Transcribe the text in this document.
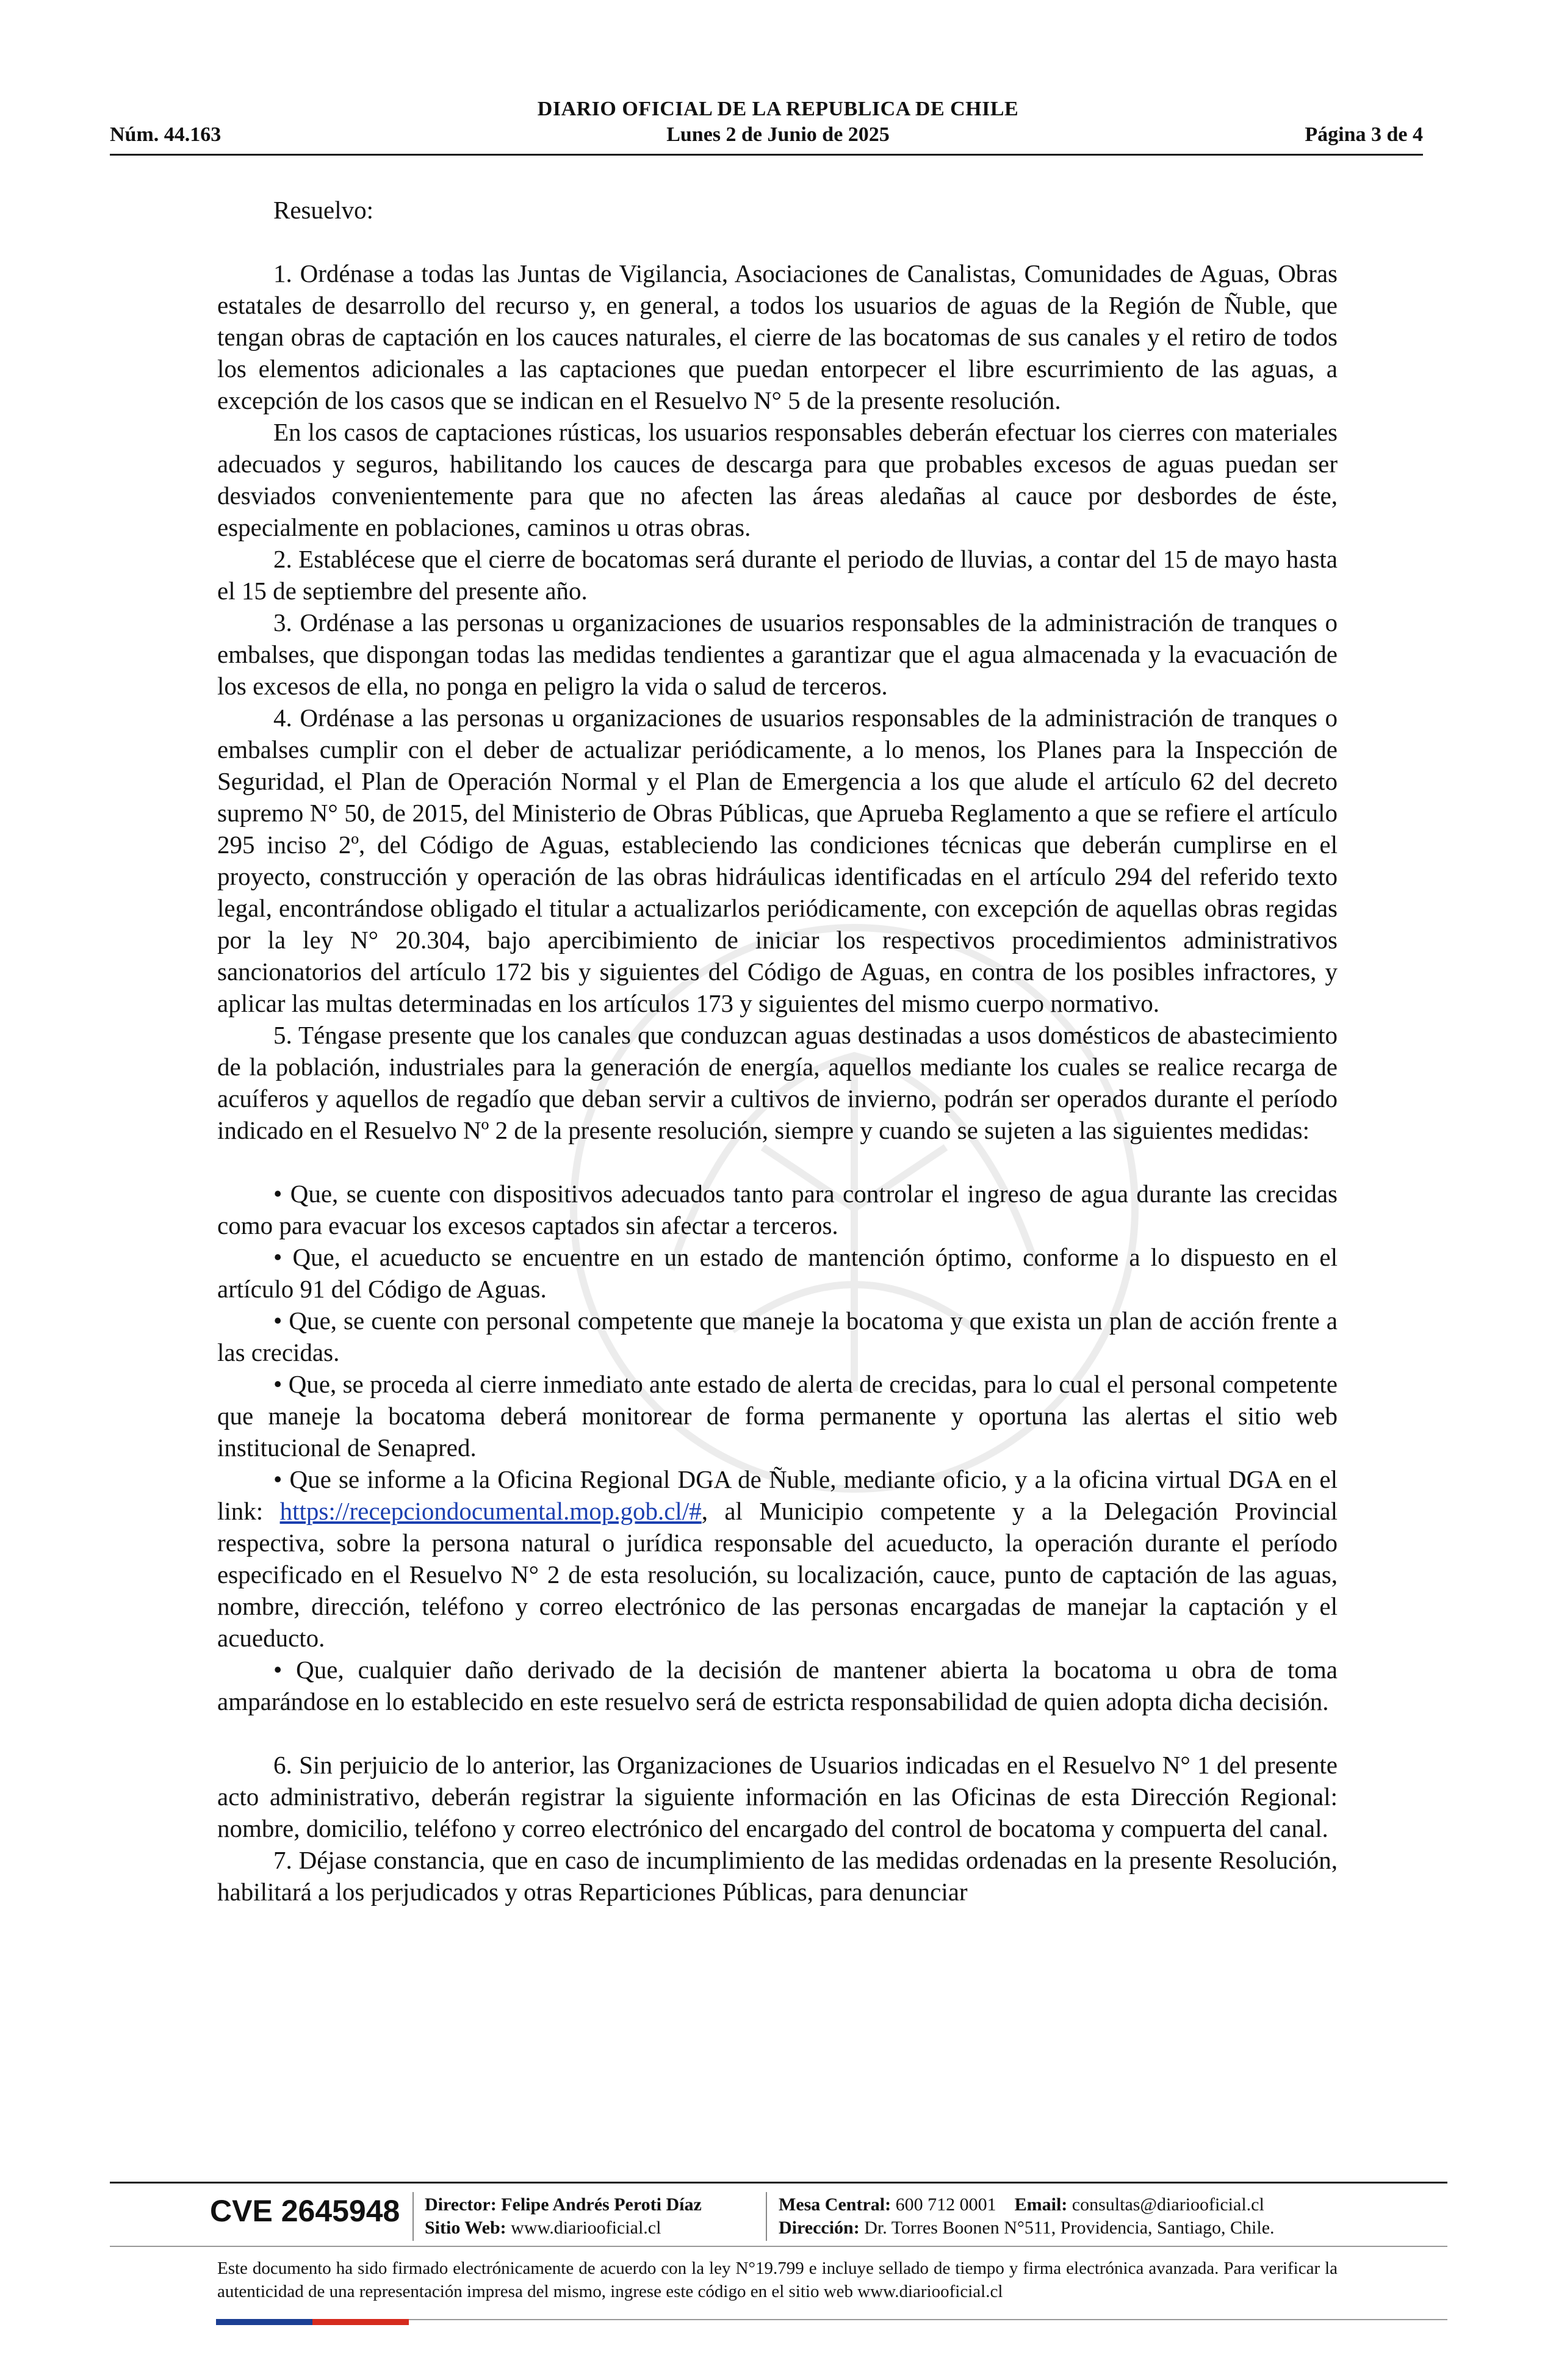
DIARIO OFICIAL DE LA REPUBLICA DE CHILE
Núm. 44.163	Lunes 2 de Junio de 2025	Página 3 de 4

Resuelvo:

1. Ordénase a todas las Juntas de Vigilancia, Asociaciones de Canalistas, Comunidades de Aguas, Obras estatales de desarrollo del recurso y, en general, a todos los usuarios de aguas de la Región de Ñuble, que tengan obras de captación en los cauces naturales, el cierre de las bocatomas de sus canales y el retiro de todos los elementos adicionales a las captaciones que puedan entorpecer el libre escurrimiento de las aguas, a excepción de los casos que se indican en el Resuelvo N° 5 de la presente resolución.

En los casos de captaciones rústicas, los usuarios responsables deberán efectuar los cierres con materiales adecuados y seguros, habilitando los cauces de descarga para que probables excesos de aguas puedan ser desviados convenientemente para que no afecten las áreas aledañas al cauce por desbordes de éste, especialmente en poblaciones, caminos u otras obras.

2. Establécese que el cierre de bocatomas será durante el periodo de lluvias, a contar del 15 de mayo hasta el 15 de septiembre del presente año.

3. Ordénase a las personas u organizaciones de usuarios responsables de la administración de tranques o embalses, que dispongan todas las medidas tendientes a garantizar que el agua almacenada y la evacuación de los excesos de ella, no ponga en peligro la vida o salud de terceros.

4. Ordénase a las personas u organizaciones de usuarios responsables de la administración de tranques o embalses cumplir con el deber de actualizar periódicamente, a lo menos, los Planes para la Inspección de Seguridad, el Plan de Operación Normal y el Plan de Emergencia a los que alude el artículo 62 del decreto supremo N° 50, de 2015, del Ministerio de Obras Públicas, que Aprueba Reglamento a que se refiere el artículo 295 inciso 2º, del Código de Aguas, estableciendo las condiciones técnicas que deberán cumplirse en el proyecto, construcción y operación de las obras hidráulicas identificadas en el artículo 294 del referido texto legal, encontrándose obligado el titular a actualizarlos periódicamente, con excepción de aquellas obras regidas por la ley N° 20.304, bajo apercibimiento de iniciar los respectivos procedimientos administrativos sancionatorios del artículo 172 bis y siguientes del Código de Aguas, en contra de los posibles infractores, y aplicar las multas determinadas en los artículos 173 y siguientes del mismo cuerpo normativo.

5. Téngase presente que los canales que conduzcan aguas destinadas a usos domésticos de abastecimiento de la población, industriales para la generación de energía, aquellos mediante los cuales se realice recarga de acuíferos y aquellos de regadío que deban servir a cultivos de invierno, podrán ser operados durante el período indicado en el Resuelvo Nº 2 de la presente resolución, siempre y cuando se sujeten a las siguientes medidas:

• Que, se cuente con dispositivos adecuados tanto para controlar el ingreso de agua durante las crecidas como para evacuar los excesos captados sin afectar a terceros.

• Que, el acueducto se encuentre en un estado de mantención óptimo, conforme a lo dispuesto en el artículo 91 del Código de Aguas.

• Que, se cuente con personal competente que maneje la bocatoma y que exista un plan de acción frente a las crecidas.

• Que, se proceda al cierre inmediato ante estado de alerta de crecidas, para lo cual el personal competente que maneje la bocatoma deberá monitorear de forma permanente y oportuna las alertas el sitio web institucional de Senapred.

• Que se informe a la Oficina Regional DGA de Ñuble, mediante oficio, y a la oficina virtual DGA en el link: https://recepciondocumental.mop.gob.cl/#, al Municipio competente y a la Delegación Provincial respectiva, sobre la persona natural o jurídica responsable del acueducto, la operación durante el período especificado en el Resuelvo N° 2 de esta resolución, su localización, cauce, punto de captación de las aguas, nombre, dirección, teléfono y correo electrónico de las personas encargadas de manejar la captación y el acueducto.

• Que, cualquier daño derivado de la decisión de mantener abierta la bocatoma u obra de toma amparándose en lo establecido en este resuelvo será de estricta responsabilidad de quien adopta dicha decisión.

6. Sin perjuicio de lo anterior, las Organizaciones de Usuarios indicadas en el Resuelvo N° 1 del presente acto administrativo, deberán registrar la siguiente información en las Oficinas de esta Dirección Regional: nombre, domicilio, teléfono y correo electrónico del encargado del control de bocatoma y compuerta del canal.

7. Déjase constancia, que en caso de incumplimiento de las medidas ordenadas en la presente Resolución, habilitará a los perjudicados y otras Reparticiones Públicas, para denunciar

CVE 2645948 Director: Felipe Andrés Peroti Díaz
Sitio Web: www.diariooficial.cl
Mesa Central: 600 712 0001 Email: consultas@diariooficial.cl
Dirección: Dr. Torres Boonen N°511, Providencia, Santiago, Chile.
Este documento ha sido firmado electrónicamente de acuerdo con la ley N°19.799 e incluye sellado de tiempo y firma electrónica avanzada. Para verificar la autenticidad de una representación impresa del mismo, ingrese este código en el sitio web www.diariooficial.cl
